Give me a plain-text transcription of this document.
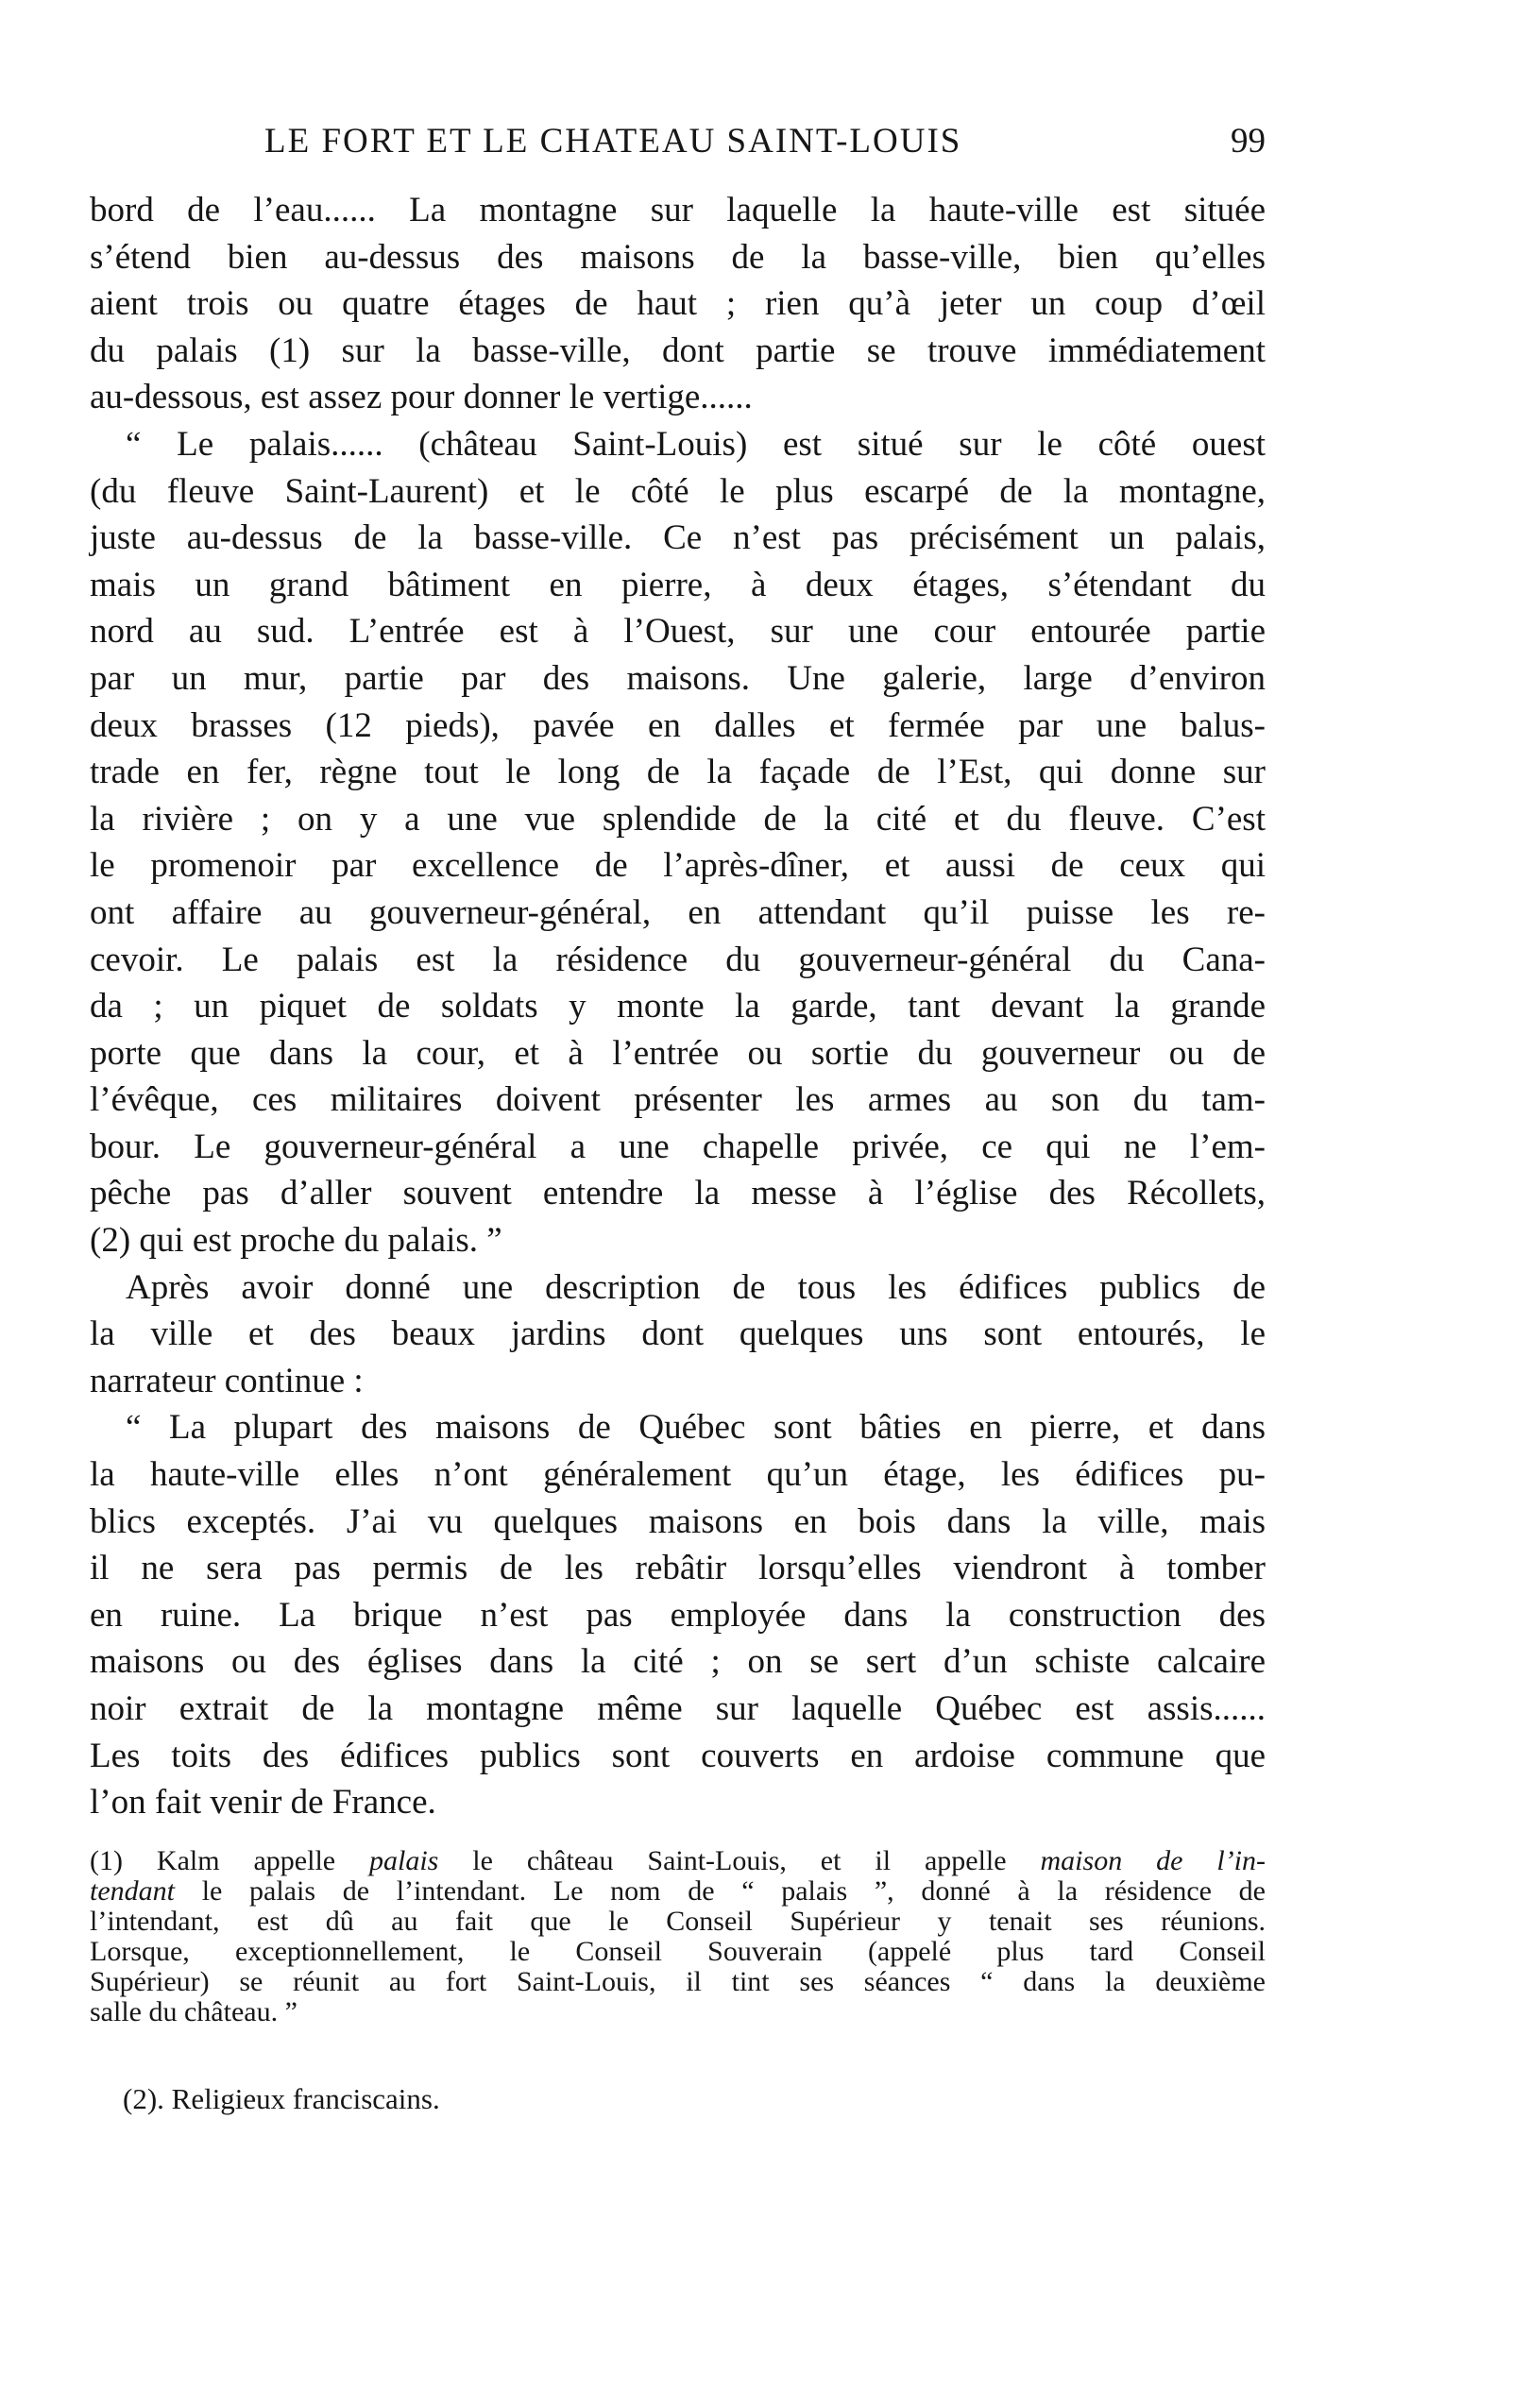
LE FORT ET LE CHATEAU SAINT-LOUIS	99
bord de l’eau...... La montagne sur laquelle la haute-ville est située
s’étend bien au-dessus des maisons de la basse-ville, bien qu’elles
aient trois ou quatre étages de haut ; rien qu’à jeter un coup d’œil
du palais (1) sur la basse-ville, dont partie se trouve immédiatement
au-dessous, est assez pour donner le vertige......
“ Le palais...... (château Saint-Louis) est situé sur le côté ouest
(du fleuve Saint-Laurent) et le côté le plus escarpé de la montagne,
juste au-dessus de la basse-ville. Ce n’est pas précisément un palais,
mais un grand bâtiment en pierre, à deux étages, s’étendant du
nord au sud. L’entrée est à l’Ouest, sur une cour entourée partie
par un mur, partie par des maisons. Une galerie, large d’environ
deux brasses (12 pieds), pavée en dalles et fermée par une balus-
trade en fer, règne tout le long de la façade de l’Est, qui donne sur
la rivière ; on y a une vue splendide de la cité et du fleuve. C’est
le promenoir par excellence de l’après-dîner, et aussi de ceux qui
ont affaire au gouverneur-général, en attendant qu’il puisse les re-
cevoir. Le palais est la résidence du gouverneur-général du Cana-
da ; un piquet de soldats y monte la garde, tant devant la grande
porte que dans la cour, et à l’entrée ou sortie du gouverneur ou de
l’évêque, ces militaires doivent présenter les armes au son du tam-
bour. Le gouverneur-général a une chapelle privée, ce qui ne l’em-
pêche pas d’aller souvent entendre la messe à l’église des Récollets,
(2) qui est proche du palais. ”
Après avoir donné une description de tous les édifices publics de
la ville et des beaux jardins dont quelques uns sont entourés, le
narrateur continue :
“ La plupart des maisons de Québec sont bâties en pierre, et dans
la haute-ville elles n’ont généralement qu’un étage, les édifices pu-
blics exceptés. J’ai vu quelques maisons en bois dans la ville, mais
il ne sera pas permis de les rebâtir lorsqu’elles viendront à tomber
en ruine. La brique n’est pas employée dans la construction des
maisons ou des églises dans la cité ; on se sert d’un schiste calcaire
noir extrait de la montagne même sur laquelle Québec est assis......
Les toits des édifices publics sont couverts en ardoise commune que
l’on fait venir de France.
(1) Kalm appelle palais le château Saint-Louis, et il appelle maison de l’in-
tendant le palais de l’intendant. Le nom de “ palais ”, donné à la résidence de
l’intendant, est dû au fait que le Conseil Supérieur y tenait ses réunions.
Lorsque, exceptionnellement, le Conseil Souverain (appelé plus tard Conseil
Supérieur) se réunit au fort Saint-Louis, il tint ses séances “ dans la deuxième
salle du château. ”
(2). Religieux franciscains.
